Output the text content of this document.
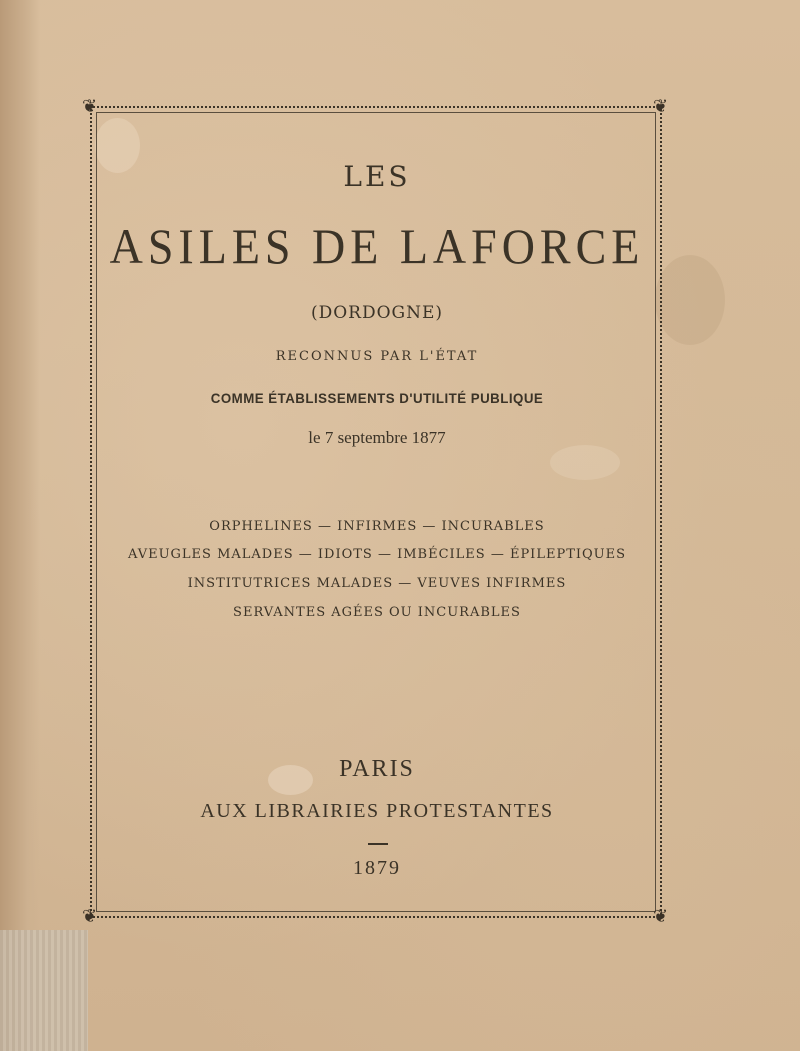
❦	❦
❦	❦

LES

ASILES DE LAFORCE

(DORDOGNE)

RECONNUS PAR L'ÉTAT

COMME ÉTABLISSEMENTS D'UTILITÉ PUBLIQUE

le 7 septembre 1877

ORPHELINES — INFIRMES — INCURABLES

AVEUGLES MALADES — IDIOTS — IMBÉCILES — ÉPILEPTIQUES

INSTITUTRICES MALADES — VEUVES INFIRMES

SERVANTES AGÉES OU INCURABLES

PARIS

AUX LIBRAIRIES PROTESTANTES

1879
